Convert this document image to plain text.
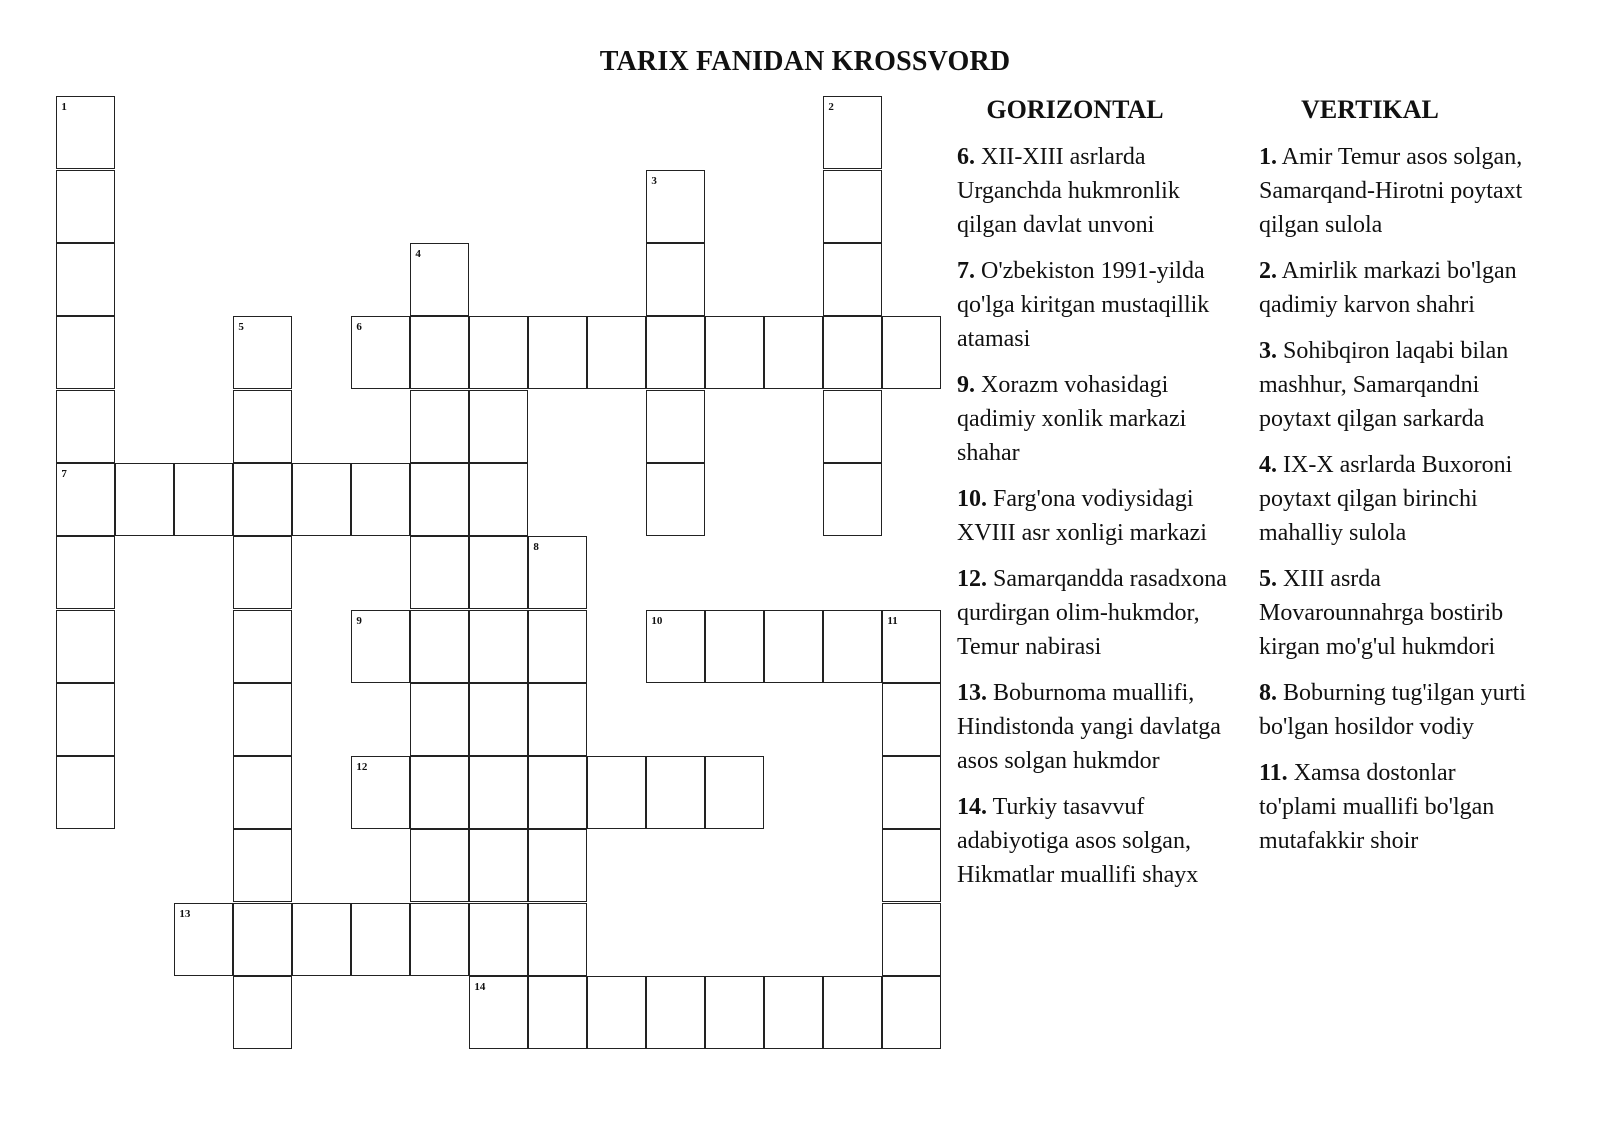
TARIX FANIDAN KROSSVORD
1
7
2
3
4
5	6
8
9	10	11
12
13
14
GORIZONTAL	VERTIKAL
6. XII-XIII asrlarda Urganchda hukmronlik qilgan davlat unvoni
7. O'zbekiston 1991-yilda qo'lga kiritgan mustaqillik atamasi
9. Xorazm vohasidagi qadimiy xonlik markazi shahar
10. Farg'ona vodiysidagi XVIII asr xonligi markazi
12. Samarqandda rasadxona qurdirgan olim-hukmdor, Temur nabirasi
13. Boburnoma muallifi, Hindistonda yangi davlatga asos solgan hukmdor
14. Turkiy tasavvuf adabiyotiga asos solgan, Hikmatlar muallifi shayx
1. Amir Temur asos solgan, Samarqand-Hirotni poytaxt qilgan sulola
2. Amirlik markazi bo'lgan qadimiy karvon shahri
3. Sohibqiron laqabi bilan mashhur, Samarqandni poytaxt qilgan sarkarda
4. IX-X asrlarda Buxoroni poytaxt qilgan birinchi mahalliy sulola
5. XIII asrda Movarounnahrga bostirib kirgan mo'g'ul hukmdori
8. Boburning tug'ilgan yurti bo'lgan hosildor vodiy
11. Xamsa dostonlar to'plami muallifi bo'lgan mutafakkir shoir
